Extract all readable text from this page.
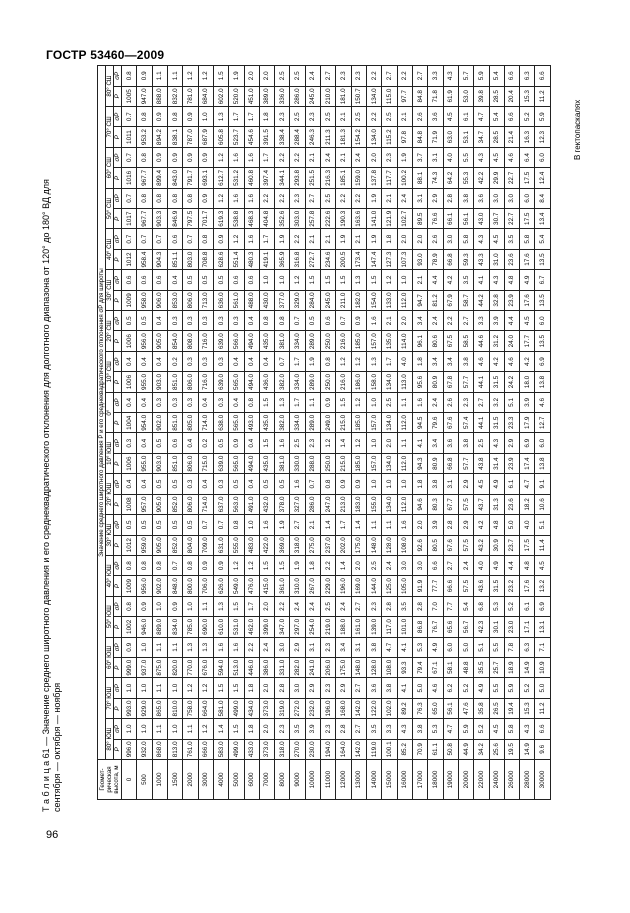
ГОСТР 53460—2009
Т а б л и ц а 61 — Значение среднего широтного давления и его среднеквадратического отклонения для долготного диапазона от 120° до 180° ВД для сентября — октября — ноября
В гектопаскалях
Геомет-рическая высота, м	Значение среднего широтного давления P и его среднеквадратического отклонения σP для широты																																	
	80° ЮШ		70° ЮШ		60° ЮШ		50° ЮШ		40° ЮШ		30° ЮШ		20° ЮШ		10° ЮШ		0°		10° СШ		20° СШ		30° СШ		40° СШ		50° СШ		60° СШ		70° СШ		80° СШ	
	P	σP	P	σP	P	σP	P	σP	P	σP	P	σP	P	σP	P	σP	P	σP	P	σP	P	σP	P	σP	P	σP	P	σP	P	σP	P	σP	P	σP
0	996.0	1.0	993.0	1.0	999.0	0.9	1002	0.8	1009	0.8	1012	0.5	1008	0.4	1006	0.3	1004	0.4	1006	0.4	1006	0.5	1009	0.6	1012	0.7	1017	0.7	1016	0.7	1011	0.7	1005	0.8
500	932.0	1.0	929.0	1.0	937.0	1.0	946.0	0.9	956.0	0.8	959.0	0.5	957.0	0.4	955.0	0.4	954.0	0.4	955.0	0.4	956.0	0.5	958.0	0.6	958.4	0.7	967.7	0.8	967.7	0.8	953.2	0.8	947.0	0.9
1000	868.0	1.1	865.0	1.1	875.0	1.1	889.0	1.0	902.0	0.8	905.0	0.5	905.0	0.5	903.0	0.5	902.0	0.3	903.0	0.4	905.0	0.4	906.0	0.6	904.3	0.7	903.3	0.8	899.4	0.9	894.2	0.9	888.0	1.1
1500	813.0	1.0	810.0	1.0	820.0	1.1	834.0	0.9	848.0	0.7	852.0	0.5	852.0	0.5	851.0	0.6	851.0	0.3	851.0	0.2	854.0	0.3	853.0	0.4	851.1	0.6	846.9	0.8	843.0	0.9	838.1	0.8	832.0	1.1
2000	761.0	1.1	758.0	1.2	770.0	1.3	785.0	1.0	800.0	0.8	804.0	0.5	806.0	0.3	806.0	0.4	805.0	0.3	806.0	0.3	808.0	0.3	806.0	0.5	803.0	0.7	797.5	0.8	791.7	0.9	787.0	0.9	781.0	1.2
3000	666.0	1.2	664.0	1.2	676.0	1.3	690.0	1.1	706.0	0.9	709.0	0.7	714.0	0.4	715.0	0.2	714.0	0.4	716.0	0.3	716.0	0.3	713.0	0.5	708.8	0.8	701.7	0.9	693.1	0.9	687.9	1.0	684.0	1.2
4000	583.0	1.4	581.0	1.5	594.0	1.6	610.0	1.3	626.0	0.9	631.0	0.7	637.0	0.3	639.0	0.5	638.0	0.3	639.0	0.3	639.0	0.3	636.0	0.5	628.6	0.9	619.3	1.2	612.7	1.2	605.8	1.3	602.0	1.5
5000	499.0	1.5	499.0	1.5	513.0	1.6	531.0	1.5	549.0	1.2	555.0	0.8	563.0	0.5	565.0	0.9	565.0	0.4	565.0	0.4	566.0	0.3	561.0	0.6	551.4	1.2	538.8	1.6	531.2	1.6	523.7	1.7	520.0	1.9
6000	433.0	1.8	434.0	1.8	446.0	2.2	462.0	1.7	476.0	1.2	483.0	1.0	491.0	0.4	494.0	0.4	493.0	0.8	494.0	0.4	494.0	0.4	488.0	0.6	480.3	1.6	468.3	1.6	460.8	1.6	454.6	1.7	451.0	2.0
7000	373.0	2.0	373.0	2.0	386.0	2.4	399.0	2.0	415.0	1.5	422.0	1.6	432.0	0.5	435.0	1.5	435.0	1.5	436.0	0.4	435.0	0.8	430.0	1.0	419.1	1.7	404.8	2.2	397.4	1.7	391.5	1.8	389.0	2.0
8000	318.0	2.3	319.0	2.8	331.0	3.0	347.0	2.2	361.0	1.5	369.0	1.9	378.0	0.5	381.0	1.6	382.0	1.3	382.0	0.7	381.0	0.8	377.0	1.0	365.9	1.9	352.6	2.2	344.1	2.2	338.4	2.3	336.0	2.5
9000	270.0	3.5	272.0	3.0	282.0	2.9	297.0	2.4	310.0	1.9	318.0	2.7	327.0	1.6	330.0	2.5	334.0	1.7	334.0	1.7	334.0	0.7	329.0	1.2	316.8	2.2	303.0	2.3	293.8	2.2	288.4	2.5	286.0	2.5
10000	230.0	3.9	232.0	2.9	241.0	3.1	254.0	2.4	267.0	1.8	275.0	2.1	286.0	0.7	288.0	2.3	289.0	1.1	289.0	1.9	289.0	0.5	284.0	1.5	272.7	2.1	257.8	2.7	251.5	2.1	246.3	2.3	245.0	2.4
11000	194.0	2.3	196.0	2.3	206.0	2.3	219.0	2.5	229.0	2.2	237.0	1.4	247.0	0.8	250.0	1.2	249.0	0.9	250.0	0.8	250.0	0.6	245.0	1.5	234.6	2.1	222.6	2.5	216.3	2.4	211.3	2.5	210.0	2.7
12000	164.0	2.8	168.0	2.9	175.0	3.4	188.0	2.4	196.0	1.4	202.0	1.7	213.0	0.9	215.0	1.4	215.0	1.5	216.0	1.2	216.0	0.7	211.0	1.5	200.5	1.9	190.3	2.2	185.1	2.1	181.3	2.1	181.0	2.3
13000	142.0	2.7	142.0	2.7	148.0	3.1	161.0	2.7	169.0	2.0	175.0	1.4	183.0	0.9	185.0	1.2	185.0	1.2	186.0	1.2	185.0	0.9	182.0	1.3	173.4	2.1	163.6	2.2	159.0	2.4	154.2	2.5	150.7	2.3
14000	119.0	3.5	122.0	3.6	128.0	3.8	139.0	2.3	144.0	2.5	148.0	1.1	155.0	1.0	157.0	1.0	157.0	1.0	158.0	1.3	157.0	1.6	154.0	1.5	147.4	1.9	141.0	1.9	137.8	2.0	134.0	2.2	134.0	2.2
15000	100.1	3.3	102.0	3.8	108.0	4.7	117.0	2.8	125.0	2.4	128.0	1.1	134.0	1.0	134.0	2.0	134.0	2.5	134.0	1.7	135.0	2.1	133.0	1.2	127.3	1.8	121.9	2.1	117.7	2.3	115.2	2.5	115.0	2.7
16000	85.2	4.3	89.2	4.1	93.3	4.1	101.0	3.5	105.0	3.0	108.0	1.6	112.0	1.0	112.0	1.1	112.0	1.1	113.0	4.0	114.0	2.0	112.0	1.0	107.3	2.0	102.7	2.4	100.2	1.9	97.8	2.1	97.7	2.2
17000	70.9	3.8	76.3	5.0	79.4	5.3	86.8	2.8	91.9	3.0	92.6	2.0	94.6	1.8	94.3	4.1	94.5	1.6	95.6	1.8	96.1	3.4	94.7	2.1	93.0	2.0	89.5	3.1	88.1	3.7	84.8	2.6	84.8	2.7
18000	61.1	5.3	65.0	4.6	67.1	4.9	76.7	7.0	77.7	6.6	80.5	3.9	80.3	3.8	80.9	3.4	79.6	2.4	80.9	3.4	80.6	2.4	81.2	4.4	78.9	2.6	76.6	2.9	74.3	3.1	71.9	3.6	71.8	3.3
19000	50.8	4.7	56.1	6.2	58.1	6.0	65.6	7.7	66.6	2.7	67.6	2.8	67.7	3.1	66.8	3.6	67.6	2.6	67.8	3.4	67.5	2.2	67.9	4.2	66.8	3.0	66.1	2.8	64.2	4.0	63.0	4.5	61.9	4.3
20000	44.9	5.9	47.6	5.2	48.8	5.0	56.7	5.4	57.5	2.4	57.5	2.9	57.5	2.9	57.7	3.8	57.4	2.3	57.7	3.8	58.5	2.7	58.7	3.5	59.3	5.8	56.1	3.8	55.3	5.5	53.1	6.1	53.0	5.7
22000	34.2	5.2	35.8	4.9	35.5	5.1	42.3	6.8	43.6	4.0	43.2	4.2	43.7	4.5	43.8	2.5	44.1	2.7	44.1	4.6	44.6	3.3	44.2	4.1	43.3	4.3	43.0	3.6	42.2	4.3	34.7	4.7	39.8	5.9
24000	25.6	4.5	26.5	5.5	25.7	5.5	30.1	5.3	31.5	4.9	30.9	4.8	31.3	4.9	31.4	4.3	31.5	3.2	31.5	4.2	31.2	3.9	32.8	4.3	31.0	4.5	30.7	3.0	29.9	4.5	28.5	5.4	28.5	5.4
26000	19.5	5.8	19.4	5.9	18.9	7.8	23.0	5.2	23.2	4.4	23.7	5.0	23.6	6.1	23.9	2.9	23.3	5.1	24.2	4.6	24.0	4.4	23.9	4.8	23.6	3.5	22.7	3.0	22.7	4.6	21.4	6.6	20.4	6.6
28000	14.9	4.3	15.3	5.2	14.9	6.3	17.1	6.1	17.6	4.8	17.5	4.0	18.2	4.7	17.4	6.9	17.9	3.9	18.0	4.2	17.7	4.5	17.6	4.9	17.6	5.8	17.5	6.0	17.5	6.4	16.3	5.2	15.3	6.3
30000	9.6	6.6	11.2	5.0	10.9	7.1	13.1	6.9	13.2	4.5	11.4	5.1	10.6	9.1	13.8	6.0	12.7	4.6	13.8	6.9	13.5	6.0	13.5	6.7	13.5	5.4	13.4	8.4	12.4	6.0	12.3	5.9	11.2	6.6
96
